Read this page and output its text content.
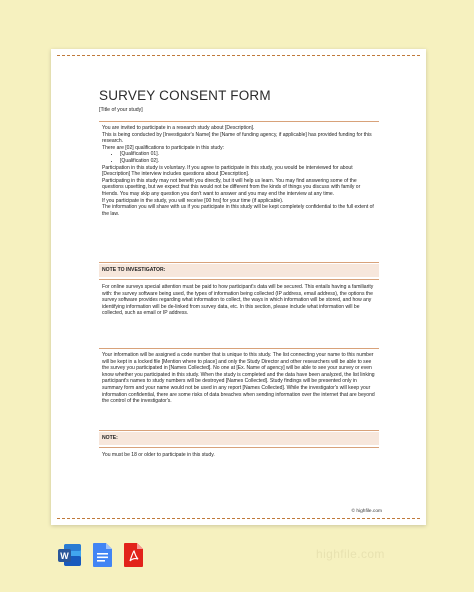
SURVEY CONSENT FORM
[Title of your study]

You are invited to participate in a research study about [Description].

This is being conducted by [Investigator's Name] the [Name of funding agency, if applicable] has provided funding for this research.

There are [02] qualifications to participate in this study:

• [Qualification 01].
• [Qualification 02].

Participation in this study is voluntary. If you agree to participate in this study, you would be interviewed for about [Description] The interview includes questions about [Description].

Participating in this study may not benefit you directly, but it will help us learn. You may find answering some of the questions upsetting, but we expect that this would not be different from the kinds of things you discuss with family or friends. You may skip any question you don't want to answer and you may end the interview at any time.

If you participate in the study, you will receive [00 hrs] for your time (if applicable).

The information you will share with us if you participate in this study will be kept completely confidential to the full extent of the law.

NOTE TO INVESTIGATOR:

For online surveys special attention must be paid to how participant's data will be secured. This entails having a familiarity with: the survey software being used, the types of information being collected (IP address, email address), the options the survey software provides regarding what information to collect, the ways in which information will be stored, and how any identifying information will be de-linked from survey data, etc. In this section, please include what information will be collected, such as email or IP address.

Your information will be assigned a code number that is unique to this study. The list connecting your name to this number will be kept in a locked file [Mention where to place] and only the Study Director and other researchers will be able to see the survey you participated in [Names Collected]. No one at [Ex. Name of agency] will be able to see your survey or even know whether you participated in this study. When the study is completed and the data have been analyzed, the list linking participant's names to study numbers will be destroyed [Names Collected]. Study findings will be presented only in summary form and your name would not be used in any report [Names Collected]. While the investigator's will keep your information confidential, there are some risks of data breaches when sending information over the internet that are beyond the control of the investigator's.

NOTE:

You must be 18 or older to participate in this study.

© highfile.com
W	highfile.com
